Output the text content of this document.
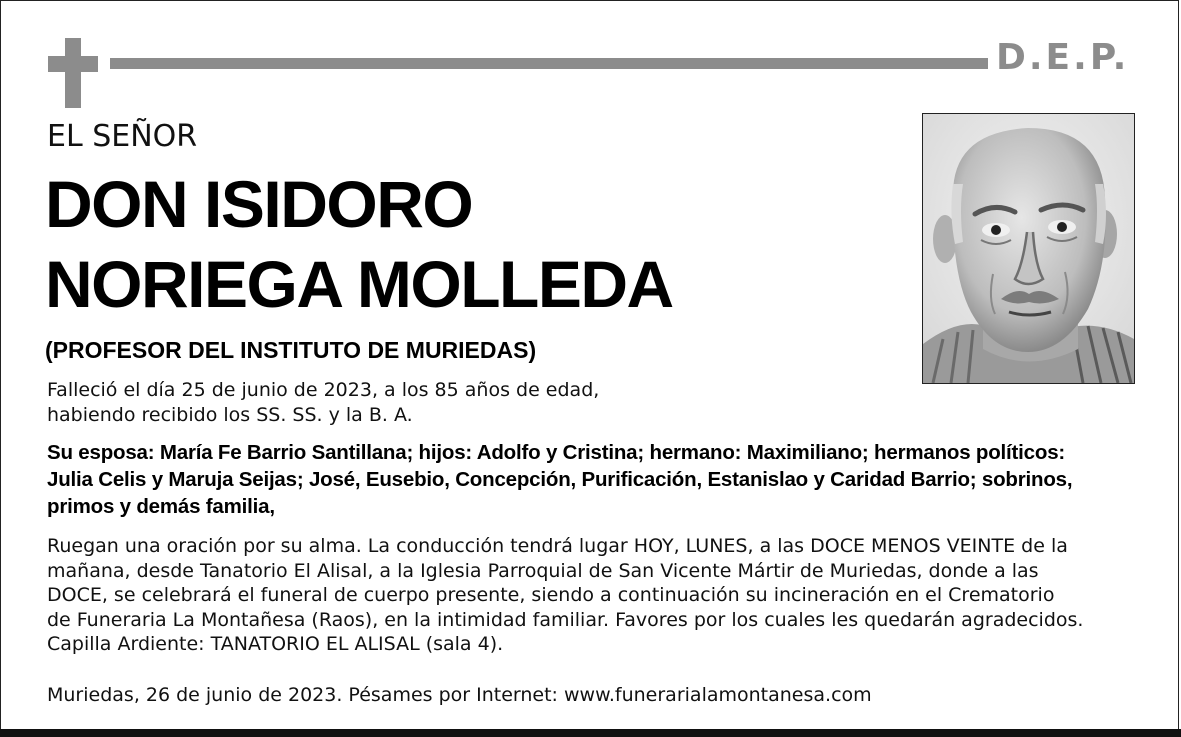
D.E.P.
EL SEÑOR
DON ISIDORO
NORIEGA MOLLEDA
(PROFESOR DEL INSTITUTO DE MURIEDAS)
Falleció el día 25 de junio de 2023, a los 85 años de edad,
habiendo recibido los SS. SS. y la B. A.
Su esposa: María Fe Barrio Santillana; hijos: Adolfo y Cristina; hermano: Maximiliano; hermanos políticos:
Julia Celis y Maruja Seijas; José, Eusebio, Concepción, Purificación, Estanislao y Caridad Barrio; sobrinos,
primos y demás familia,
Ruegan una oración por su alma. La conducción tendrá lugar HOY, LUNES, a las DOCE MENOS VEINTE de la
mañana, desde Tanatorio El Alisal, a la Iglesia Parroquial de San Vicente Mártir de Muriedas, donde a las
DOCE, se celebrará el funeral de cuerpo presente, siendo a continuación su incineración en el Crematorio
de Funeraria La Montañesa (Raos), en la intimidad familiar. Favores por los cuales les quedarán agradecidos.
Capilla Ardiente: TANATORIO EL ALISAL (sala 4).
Muriedas, 26 de junio de 2023. Pésames por Internet: www.funerarialamontanesa.com
